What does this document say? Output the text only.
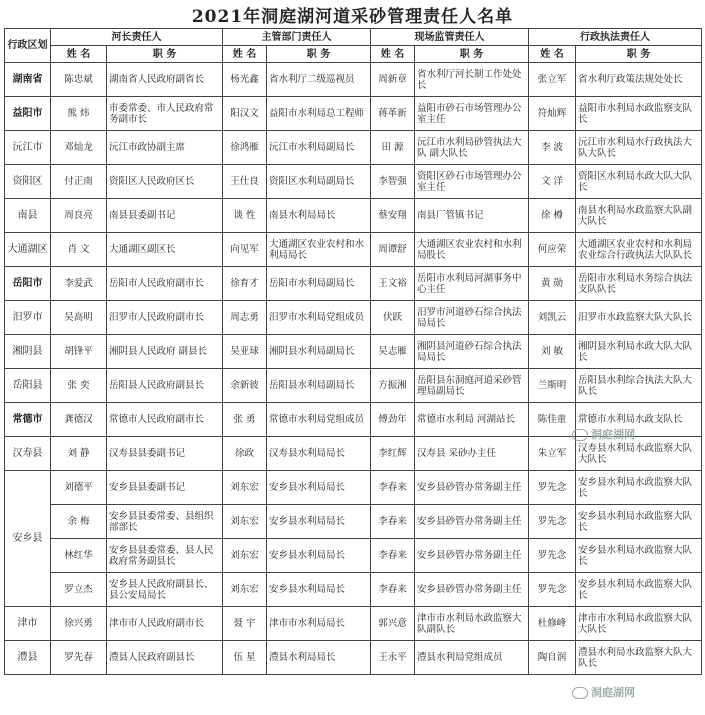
2021年洞庭湖河道采砂管理责任人名单
行政区划	河长责任人		主管部门责任人		现场监管责任人		行政执法责任人	
	姓 名	职 务	姓 名	职 务	姓 名	职 务	姓 名	职 务
湖南省	陈忠斌	湖南省人民政府副省长	杨光鑫	省水利厅二级巡视员	周新章	省水利厅河长制工作处处长	张立军	省水利厅政策法规处处长
益阳市	熊 炜	市委常委、市人民政府常务副市长	阳汉文	益阳市水利局总工程师	蒋革新	益阳市砂石市场管理办公室主任	符灿辉	益阳市水利局水政监察支队长
沅江市	邓灿龙	沅江市政协副主席	徐鸿雁	沅江市水利局副局长	田 源	沅江市水利局砂管执法大队 副大队长	李 波	沅江市水利局水行政执法大队大队长
资阳区	付正南	资阳区人民政府区长	王仕良	资阳区水利局副局长	李智强	资阳区砂石市场管理办公室主任	文 洋	资阳区水利局水政大队大队长
南县	周良亮	南县县委副书记	谈 性	南县水利局局长	蔡安翔	南县厂管镇书记	徐 樽	南县水利局水政监察大队副大队长
大通湖区	肖 文	大通湖区副区长	向见军	大通湖区农业农村和水利局局长	周谭舒	大通湖区农业农村和水利局股长	何应荣	大通湖区农业农村和水利局农业综合行政执法大队队长
岳阳市	李爱武	岳阳市人民政府副市长	徐育才	岳阳市水利局副局长	王文裕	岳阳市水利局河湖事务中心主任	黄 勋	岳阳市水利局水务综合执法支队队长
汨罗市	吴高明	汨罗市人民政府副市长	周志勇	汨罗市水利局党组成员	伏跃	汨罗市河道砂石综合执法局局长	刘凯云	汨罗市水政监察大队大队长
湘阴县	胡锋平	湘阴县人民政府 副县长	吴亚球	湘阴县水利局副局长	吴志雁	湘阴县河道砂石综合执法局局长	刘 敏	湘阴县水利局水政大队大队长
岳阳县	张 奕	岳阳县人民政府副县长	余新彼	岳阳县水利局副局长	方振湘	岳阳县东洞庭河道采砂管理局副局长	兰斯明	岳阳县水利综合执法大队大队长
常德市	龚德汉	常德市人民政府副市长	张 勇	常德市水利局党组成员	傅劲年	常德市水利局 河湖站长	陈佳童	常德市水利局水政支队长
汉寿县	刘 静	汉寿县县委副书记	徐政	汉寿县水利局局长	李红辉	汉寿县 采砂办主任	朱立军	汉寿县水利局水政监察大队大队长
安乡县	刘德平	安乡县县委副书记	刘东宏	安乡县水利局局长	李春来	安乡县砂管办常务副主任	罗先念	安乡县水利局水政监察大队长
	余 梅	安乡县县委常委、县组织部部长	刘东宏	安乡县水利局局长	李春来	安乡县砂管办常务副主任	罗先念	安乡县水利局水政监察大队长
	林红华	安乡县县委常委、县人民政府常务副县长	刘东宏	安乡县水利局局长	李春来	安乡县砂管办常务副主任	罗先念	安乡县水利局水政监察大队长
	罗立杰	安乡县人民政府副县长、县公安局局长	刘东宏	安乡县水利局局长	李春来	安乡县砂管办常务副主任	罗先念	安乡县水利局水政监察大队长
津市	徐兴勇	津市市人民政府副市长	聂 宇	津市市水利局局长	郭兴意	津市市水利局水政监察大队副队长	杜修峰	津市市水利局水政监察大队大队长
澧县	罗先春	澧县人民政府副县长	伍 星	澧县水利局局长	王永平	澧县水利局党组成员	陶自润	澧县水利局水政监察大队大队长
洞庭湖网
洞庭湖网
